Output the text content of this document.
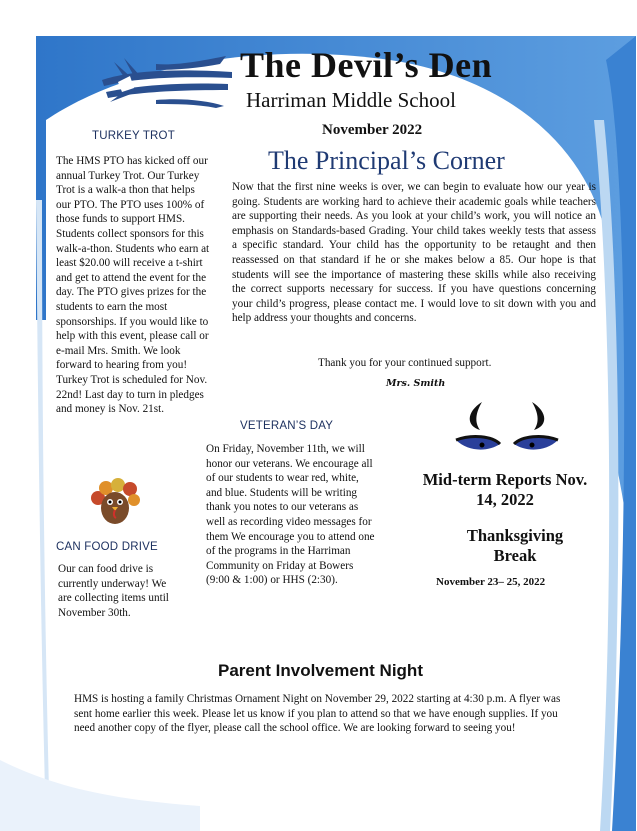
The Devil’s Den
Harriman Middle School
November 2022
The Principal’s Corner
Now that the first nine weeks is over, we can begin to evaluate how our year is going. Students are working hard to achieve their academic goals while teachers are supporting their needs. As you look at your child’s work, you will notice an emphasis on Standards-based Grading. Your child takes weekly tests that assess a specific standard. Your child has the opportunity to be retaught and then reassessed on that standard if he or she makes below a 85. Our hope is that students will see the importance of mastering these skills while also receiving the correct supports necessary for success. If you have questions concerning your child’s progress, please contact me. I would love to sit down with you and help address your thoughts and concerns.
Thank you for your continued support.
Mrs. Smith
TURKEY TROT
The HMS PTO has kicked off our annual Turkey Trot. Our Turkey Trot is a walk-a thon that helps our PTO. The PTO uses 100% of those funds to support HMS. Students collect sponsors for this walk-a-thon. Students who earn at least $20.00 will receive a t-shirt and get to attend the event for the day. The PTO gives prizes for the students to earn the most sponsorships. If you would like to help with this event, please call or e-mail Mrs. Smith. We look forward to hearing from you! Turkey Trot is scheduled for Nov. 22nd! Last day to turn in pledges and money is Nov. 21st.
CAN FOOD DRIVE
Our can food drive is currently underway! We are collecting items until November 30th.
VETERAN’S DAY
On Friday, November 11th, we will honor our veterans. We encourage all of our students to wear red, white, and blue. Students will be writing thank you notes to our veterans as well as recording video messages for them We encourage you to attend one of the programs in the Harriman Community on Friday at Bowers (9:00 & 1:00) or HHS (2:30).
Mid-term Reports Nov. 14, 2022
Thanksgiving Break
November 23– 25, 2022
Parent Involvement Night
HMS is hosting a family Christmas Ornament Night on November 29, 2022 starting at 4:30 p.m. A flyer was sent home earlier this week. Please let us know if you plan to attend so that we have enough supplies. If you need another copy of the flyer, please call the school office. We are looking forward to seeing you!
